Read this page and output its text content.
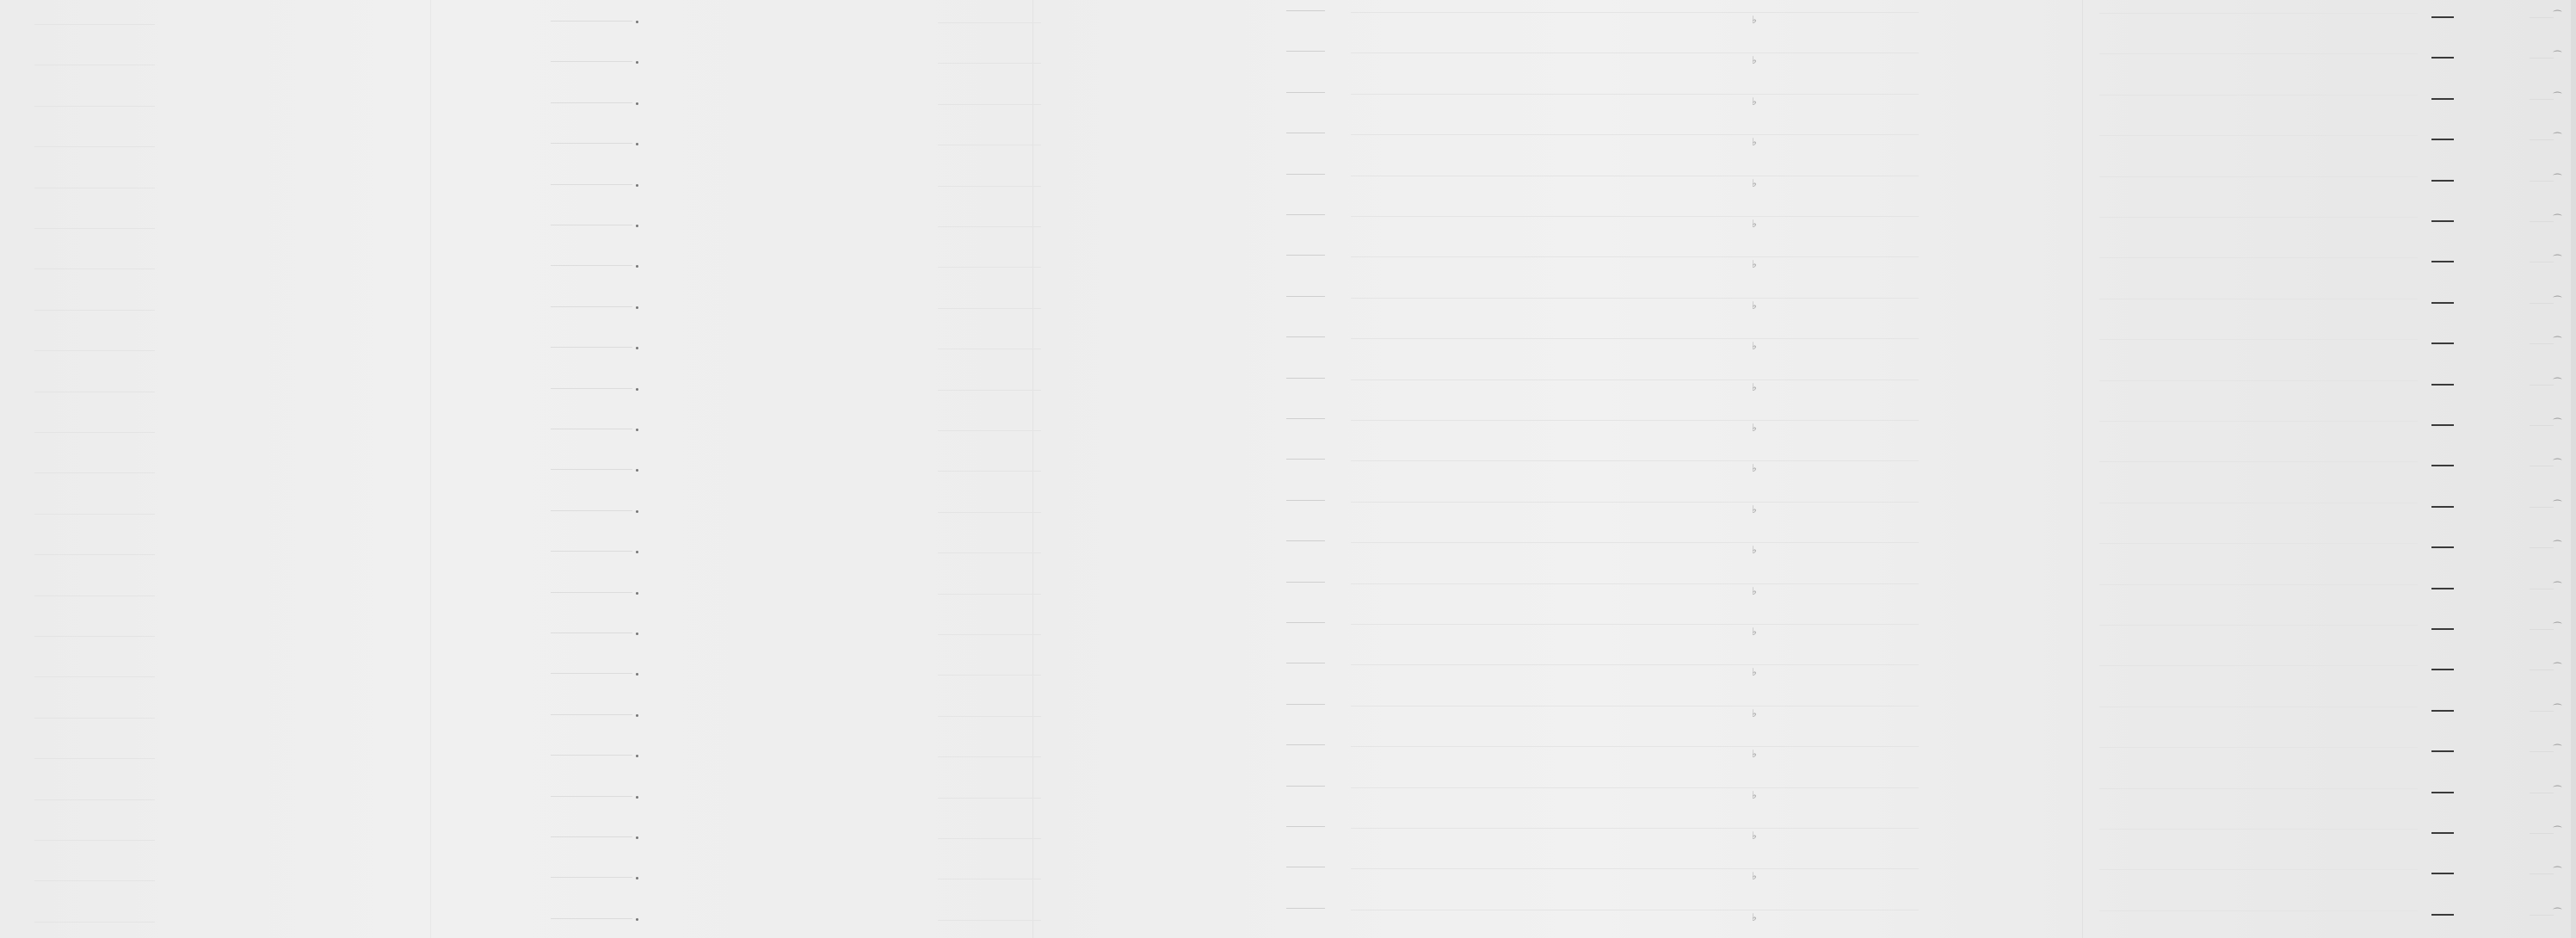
♭	⁀
♭	⁀
♭	⁀
♭	⁀
♭	⁀
♭	⁀
♭	⁀
♭	⁀
♭	⁀
♭	⁀
♭	⁀
♭	⁀
♭	⁀
♭	⁀
♭	⁀
♭	⁀
♭	⁀
♭	⁀
♭	⁀
♭	⁀
♭	⁀
♭	⁀
♭	⁀
